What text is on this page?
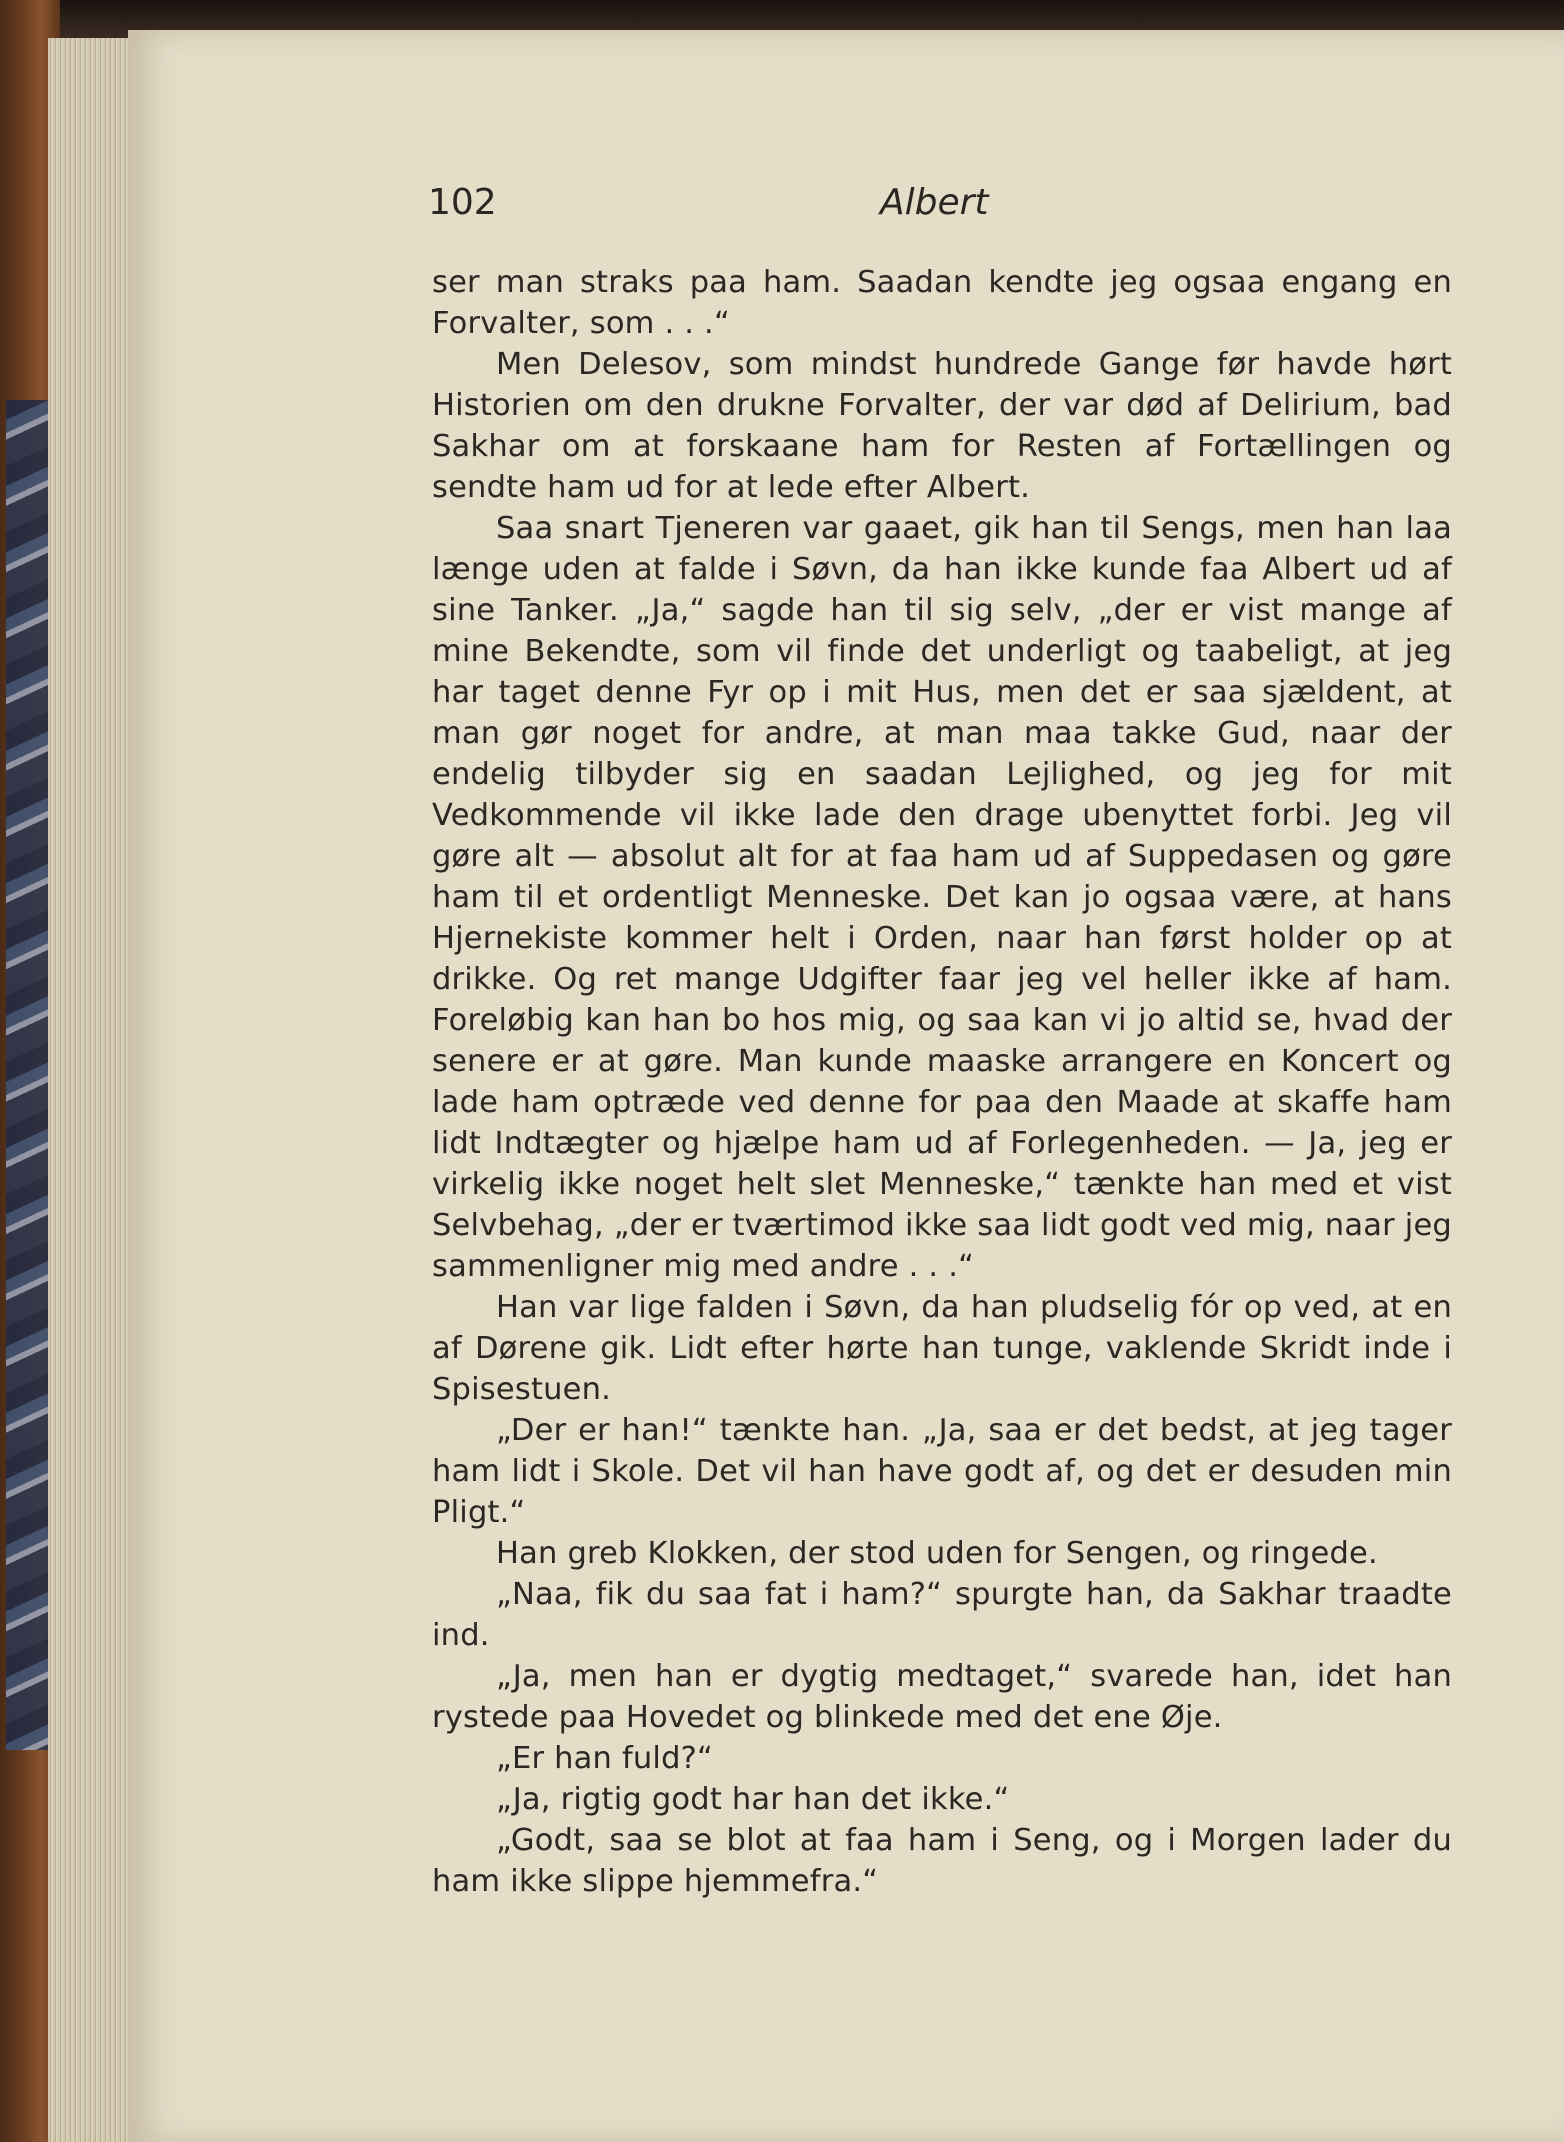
102	Albert

ser man straks paa ham. Saadan kendte jeg ogsaa engang en Forvalter, som . . .“

Men Delesov, som mindst hundrede Gange før havde hørt Historien om den drukne Forvalter, der var død af Delirium, bad Sakhar om at forskaane ham for Resten af Fortællingen og sendte ham ud for at lede efter Albert.

Saa snart Tjeneren var gaaet, gik han til Sengs, men han laa længe uden at falde i Søvn, da han ikke kunde faa Albert ud af sine Tanker. „Ja,“ sagde han til sig selv, „der er vist mange af mine Bekendte, som vil finde det underligt og taabeligt, at jeg har taget denne Fyr op i mit Hus, men det er saa sjældent, at man gør noget for andre, at man maa takke Gud, naar der endelig tilbyder sig en saadan Lejlighed, og jeg for mit Vedkommende vil ikke lade den drage ubenyttet forbi. Jeg vil gøre alt — absolut alt for at faa ham ud af Suppedasen og gøre ham til et ordentligt Menneske. Det kan jo ogsaa være, at hans Hjernekiste kommer helt i Orden, naar han først holder op at drikke. Og ret mange Udgifter faar jeg vel heller ikke af ham. Foreløbig kan han bo hos mig, og saa kan vi jo altid se, hvad der senere er at gøre. Man kunde maaske arrangere en Koncert og lade ham optræde ved denne for paa den Maade at skaffe ham lidt Indtægter og hjælpe ham ud af Forlegenheden. — Ja, jeg er virkelig ikke noget helt slet Menneske,“ tænkte han med et vist Selvbehag, „der er tværtimod ikke saa lidt godt ved mig, naar jeg sammenligner mig med andre . . .“

Han var lige falden i Søvn, da han pludselig fór op ved, at en af Dørene gik. Lidt efter hørte han tunge, vaklende Skridt inde i Spisestuen.

„Der er han!“ tænkte han. „Ja, saa er det bedst, at jeg tager ham lidt i Skole. Det vil han have godt af, og det er desuden min Pligt.“

Han greb Klokken, der stod uden for Sengen, og ringede.

„Naa, fik du saa fat i ham?“ spurgte han, da Sakhar traadte ind.

„Ja, men han er dygtig medtaget,“ svarede han, idet han rystede paa Hovedet og blinkede med det ene Øje.

„Er han fuld?“

„Ja, rigtig godt har han det ikke.“

„Godt, saa se blot at faa ham i Seng, og i Morgen lader du ham ikke slippe hjemmefra.“
